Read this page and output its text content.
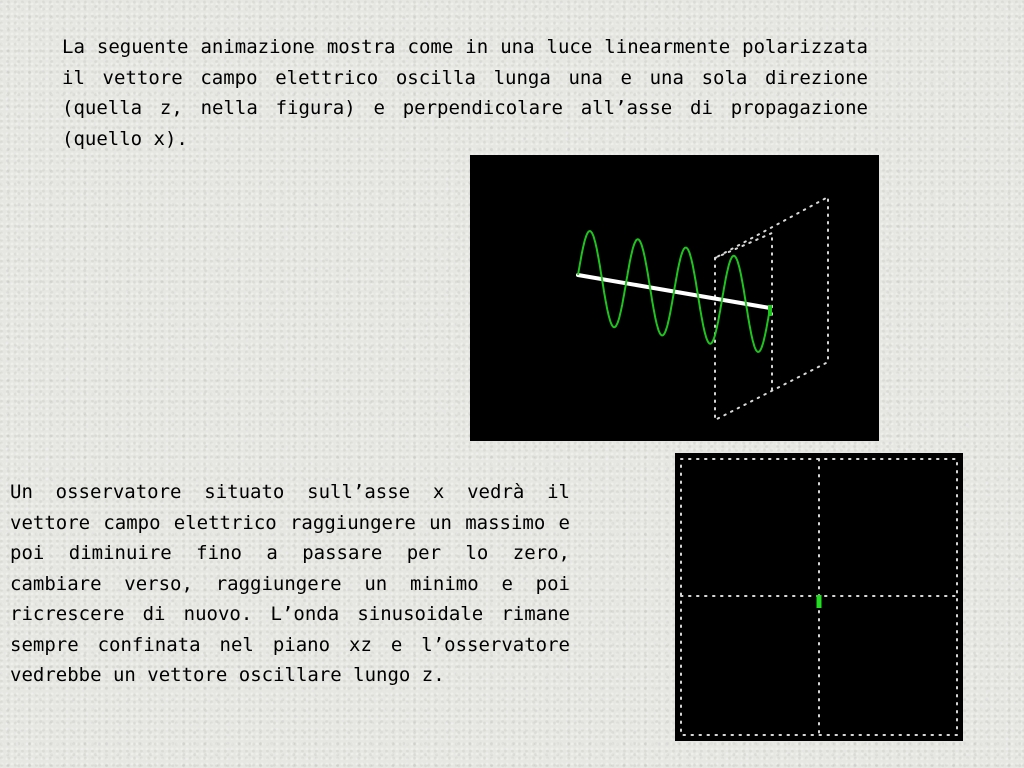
La seguente animazione mostra come in una luce linearmente polarizzata il vettore campo elettrico oscilla lunga una e una sola direzione (quella z, nella figura) e perpendicolare all’asse di propagazione (quello x).

Un osservatore situato sull’asse x vedrà il vettore campo elettrico raggiungere un massimo e poi diminuire fino a passare per lo zero, cambiare verso, raggiungere un minimo e poi ricrescere di nuovo. L’onda sinusoidale rimane sempre confinata nel piano xz e l’osservatore vedrebbe un vettore oscillare lungo z.
